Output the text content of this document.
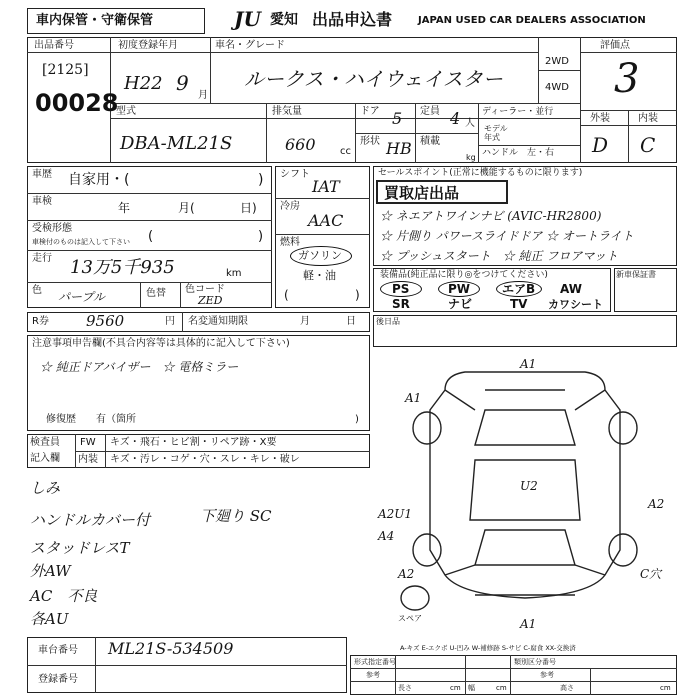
車内保管・守衛保管	JU 愛知 出品申込書	JAPAN USED CAR DEALERS ASSOCIATION
出品番号
[2125]
00028
初度登録年月
H22 9
月
車名・グレード
ルークス・ハイウェイスター
2WD
4WD
評価点
3
外装	内装
D C
型式
DBA-ML21S
排気量
660 cc
ドア 5 定員 4 人
形状 HB 積載
kg
ディーラー・並行
モデル
年式
ハンドル　左・右
車歴 自家用・(	)
車検	年	月(	日)
受検形態
車検付のものは記入して下さい (	)
走行 13万5千935	km
色 パープル	色替 色コード
ZED
シフト
IAT
冷房
AAC
燃料
ガソリン
軽・油
(	)
セールスポイント(正常に機能するものに限ります)
買取店出品
☆ ネエアトワインナビ (AVIC-HR2800)
☆ 片側り パワースライドドア ☆ オートライト
☆ プッシュスタート　☆ 純正 フロアマット
装備品(純正品に限り◎をつけてください)
PS	PW	エアB AW
SR	ナビ	TV カワシート
新車保証書
R券 9560	円 名変通知期限	月	日	後日品
注意事項申告欄(不具合内容等は具体的に記入して下さい)
☆ 純正ドアバイザー　☆ 電格ミラー
修復歴　　有（箇所	)
検査員
記入欄
FW キズ・飛石・ヒビ割・リペア跡・X要
内装 キズ・汚レ・コゲ・穴・スレ・キレ・破レ
しみ
ハンドルカバー付	下廻り SC
スタッドレスT
外AW
AC　不良
各AU
A1
A1
U2
A2U1
A4
A2
A2
A1
C穴
スペア
A-キズ E-エクボ U-凹み W-補修跡 S-サビ C-腐食 XX-交換済
車台番号 ML21S-534509
登録番号
形式指定番号	類別区分番号
参考	参考
長さ	cm 幅	cm	高さ	cm
